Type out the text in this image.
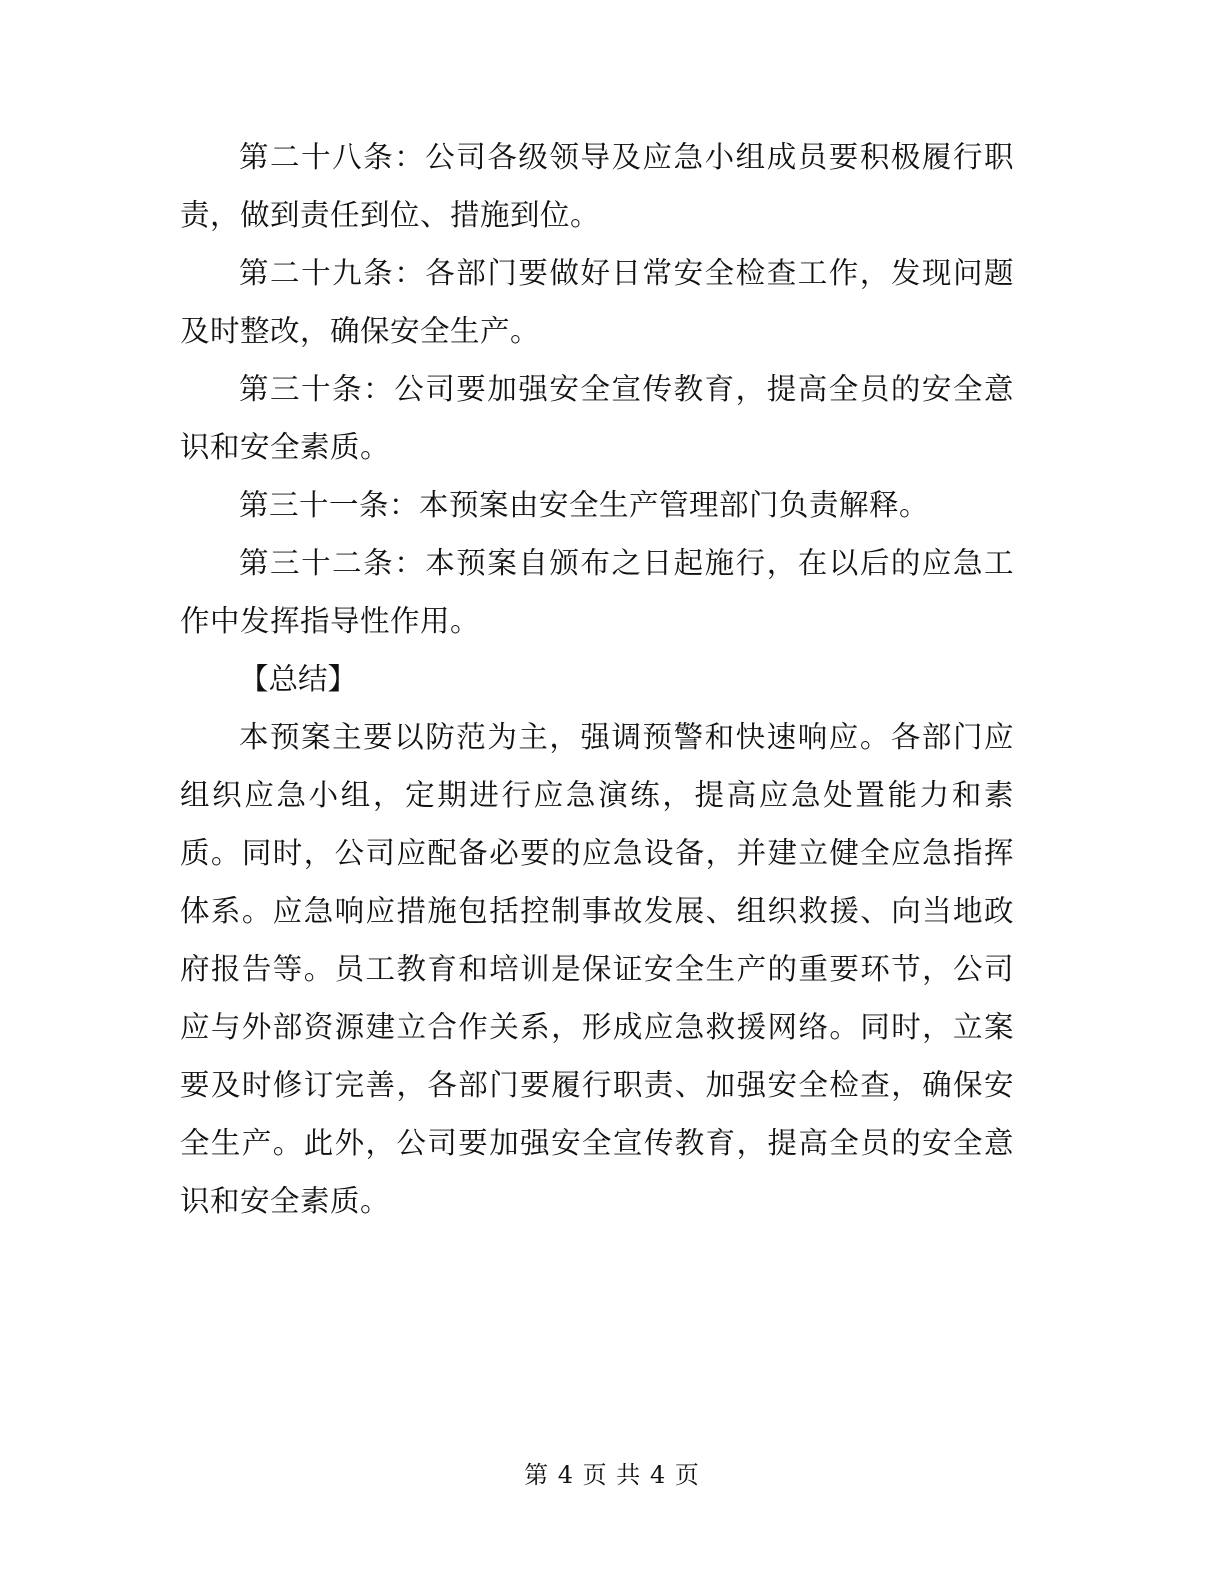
第二十八条：公司各级领导及应急小组成员要积极履行职责，做到责任到位、措施到位。

第二十九条：各部门要做好日常安全检查工作，发现问题及时整改，确保安全生产。

第三十条：公司要加强安全宣传教育，提高全员的安全意识和安全素质。

第三十一条：本预案由安全生产管理部门负责解释。

第三十二条：本预案自颁布之日起施行，在以后的应急工作中发挥指导性作用。

【总结】

本预案主要以防范为主，强调预警和快速响应。各部门应组织应急小组，定期进行应急演练，提高应急处置能力和素质。同时，公司应配备必要的应急设备，并建立健全应急指挥体系。应急响应措施包括控制事故发展、组织救援、向当地政府报告等。员工教育和培训是保证安全生产的重要环节，公司应与外部资源建立合作关系，形成应急救援网络。同时，立案要及时修订完善，各部门要履行职责、加强安全检查，确保安全生产。此外，公司要加强安全宣传教育，提高全员的安全意识和安全素质。

第 4 页 共 4 页
